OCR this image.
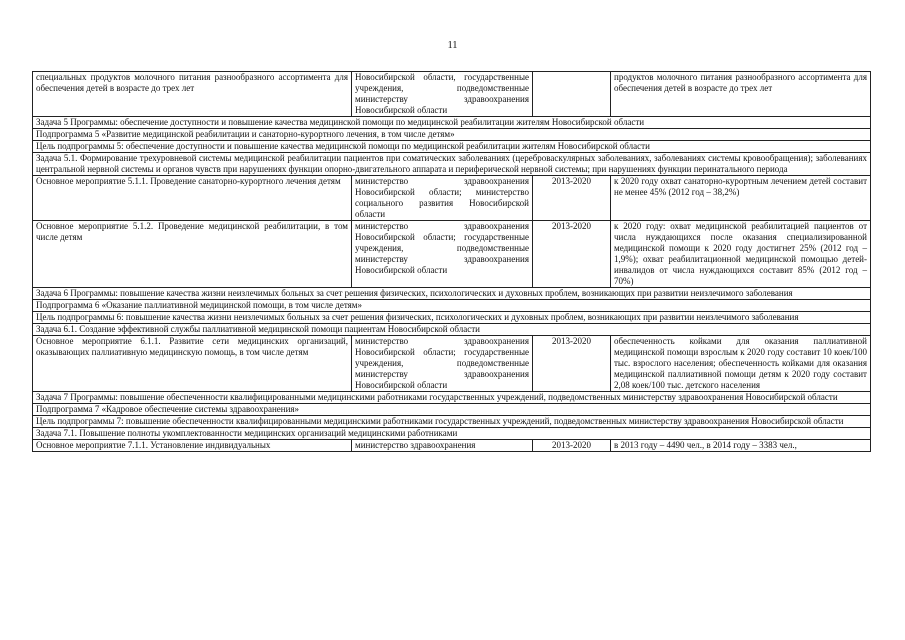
11
специальных продуктов молочного питания разнообразного ассортимента для обеспечения детей в возрасте до трех лет	Новосибирской области, государственные учреждения, подведомственные министерству здравоохранения Новосибирской области		продуктов молочного питания разнообразного ассортимента для обеспечения детей в возрасте до трех лет
Задача 5 Программы: обеспечение доступности и повышение качества медицинской помощи по медицинской реабилитации жителям Новосибирской области			
Подпрограмма 5 «Развитие медицинской реабилитации и санаторно-курортного лечения, в том числе детям»			
Цель подпрограммы 5: обеспечение доступности и повышение качества медицинской помощи по медицинской реабилитации жителям Новосибирской области			
Задача 5.1. Формирование трехуровневой системы медицинской реабилитации пациентов при соматических заболеваниях (цереброваскулярных заболеваниях, заболеваниях системы кровообращения); заболеваниях центральной нервной системы и органов чувств при нарушениях функции опорно-двигательного аппарата и периферической нервной системы; при нарушениях функции перинатального периода			
Основное мероприятие 5.1.1. Проведение санаторно-курортного лечения детям	министерство здравоохранения Новосибирской области; министерство социального развития Новосибирской области	2013-2020	к 2020 году охват санаторно-курортным лечением детей составит не менее 45% (2012 год – 38,2%)
Основное мероприятие 5.1.2. Проведение медицинской реабилитации, в том числе детям	министерство здравоохранения Новосибирской области; государственные учреждения, подведомственные министерству здравоохранения Новосибирской области	2013-2020	к 2020 году: охват медицинской реабилитацией пациентов от числа нуждающихся после оказания специализированной медицинской помощи к 2020 году достигнет 25% (2012 год – 1,9%); охват реабилитационной медицинской помощью детей-инвалидов от числа нуждающихся составит 85% (2012 год – 70%)
Задача 6 Программы: повышение качества жизни неизлечимых больных за счет решения физических, психологических и духовных проблем, возникающих при развитии неизлечимого заболевания			
Подпрограмма 6 «Оказание паллиативной медицинской помощи, в том числе детям»			
Цель подпрограммы 6: повышение качества жизни неизлечимых больных за счет решения физических, психологических и духовных проблем, возникающих при развитии неизлечимого заболевания			
Задача 6.1. Создание эффективной службы паллиативной медицинской помощи пациентам Новосибирской области			
Основное мероприятие 6.1.1. Развитие сети медицинских организаций, оказывающих паллиативную медицинскую помощь, в том числе детям	министерство здравоохранения Новосибирской области; государственные учреждения, подведомственные министерству здравоохранения Новосибирской области	2013-2020	обеспеченность койками для оказания паллиативной медицинской помощи взрослым к 2020 году составит 10 коек/100 тыс. взрослого населения; обеспеченность койками для оказания медицинской паллиативной помощи детям к 2020 году составит 2,08 коек/100 тыс. детского населения
Задача 7 Программы: повышение обеспеченности квалифицированными медицинскими работниками государственных учреждений, подведомственных министерству здравоохранения Новосибирской области			
Подпрограмма 7 «Кадровое обеспечение системы здравоохранения»			
Цель подпрограммы 7: повышение обеспеченности квалифицированными медицинскими работниками государственных учреждений, подведомственных министерству здравоохранения Новосибирской области			
Задача 7.1. Повышение полноты укомплектованности медицинских организаций медицинскими работниками			
Основное мероприятие 7.1.1. Установление индивидуальных	министерство здравоохранения	2013-2020	в 2013 году – 4490 чел., в 2014 году – 3383 чел.,
